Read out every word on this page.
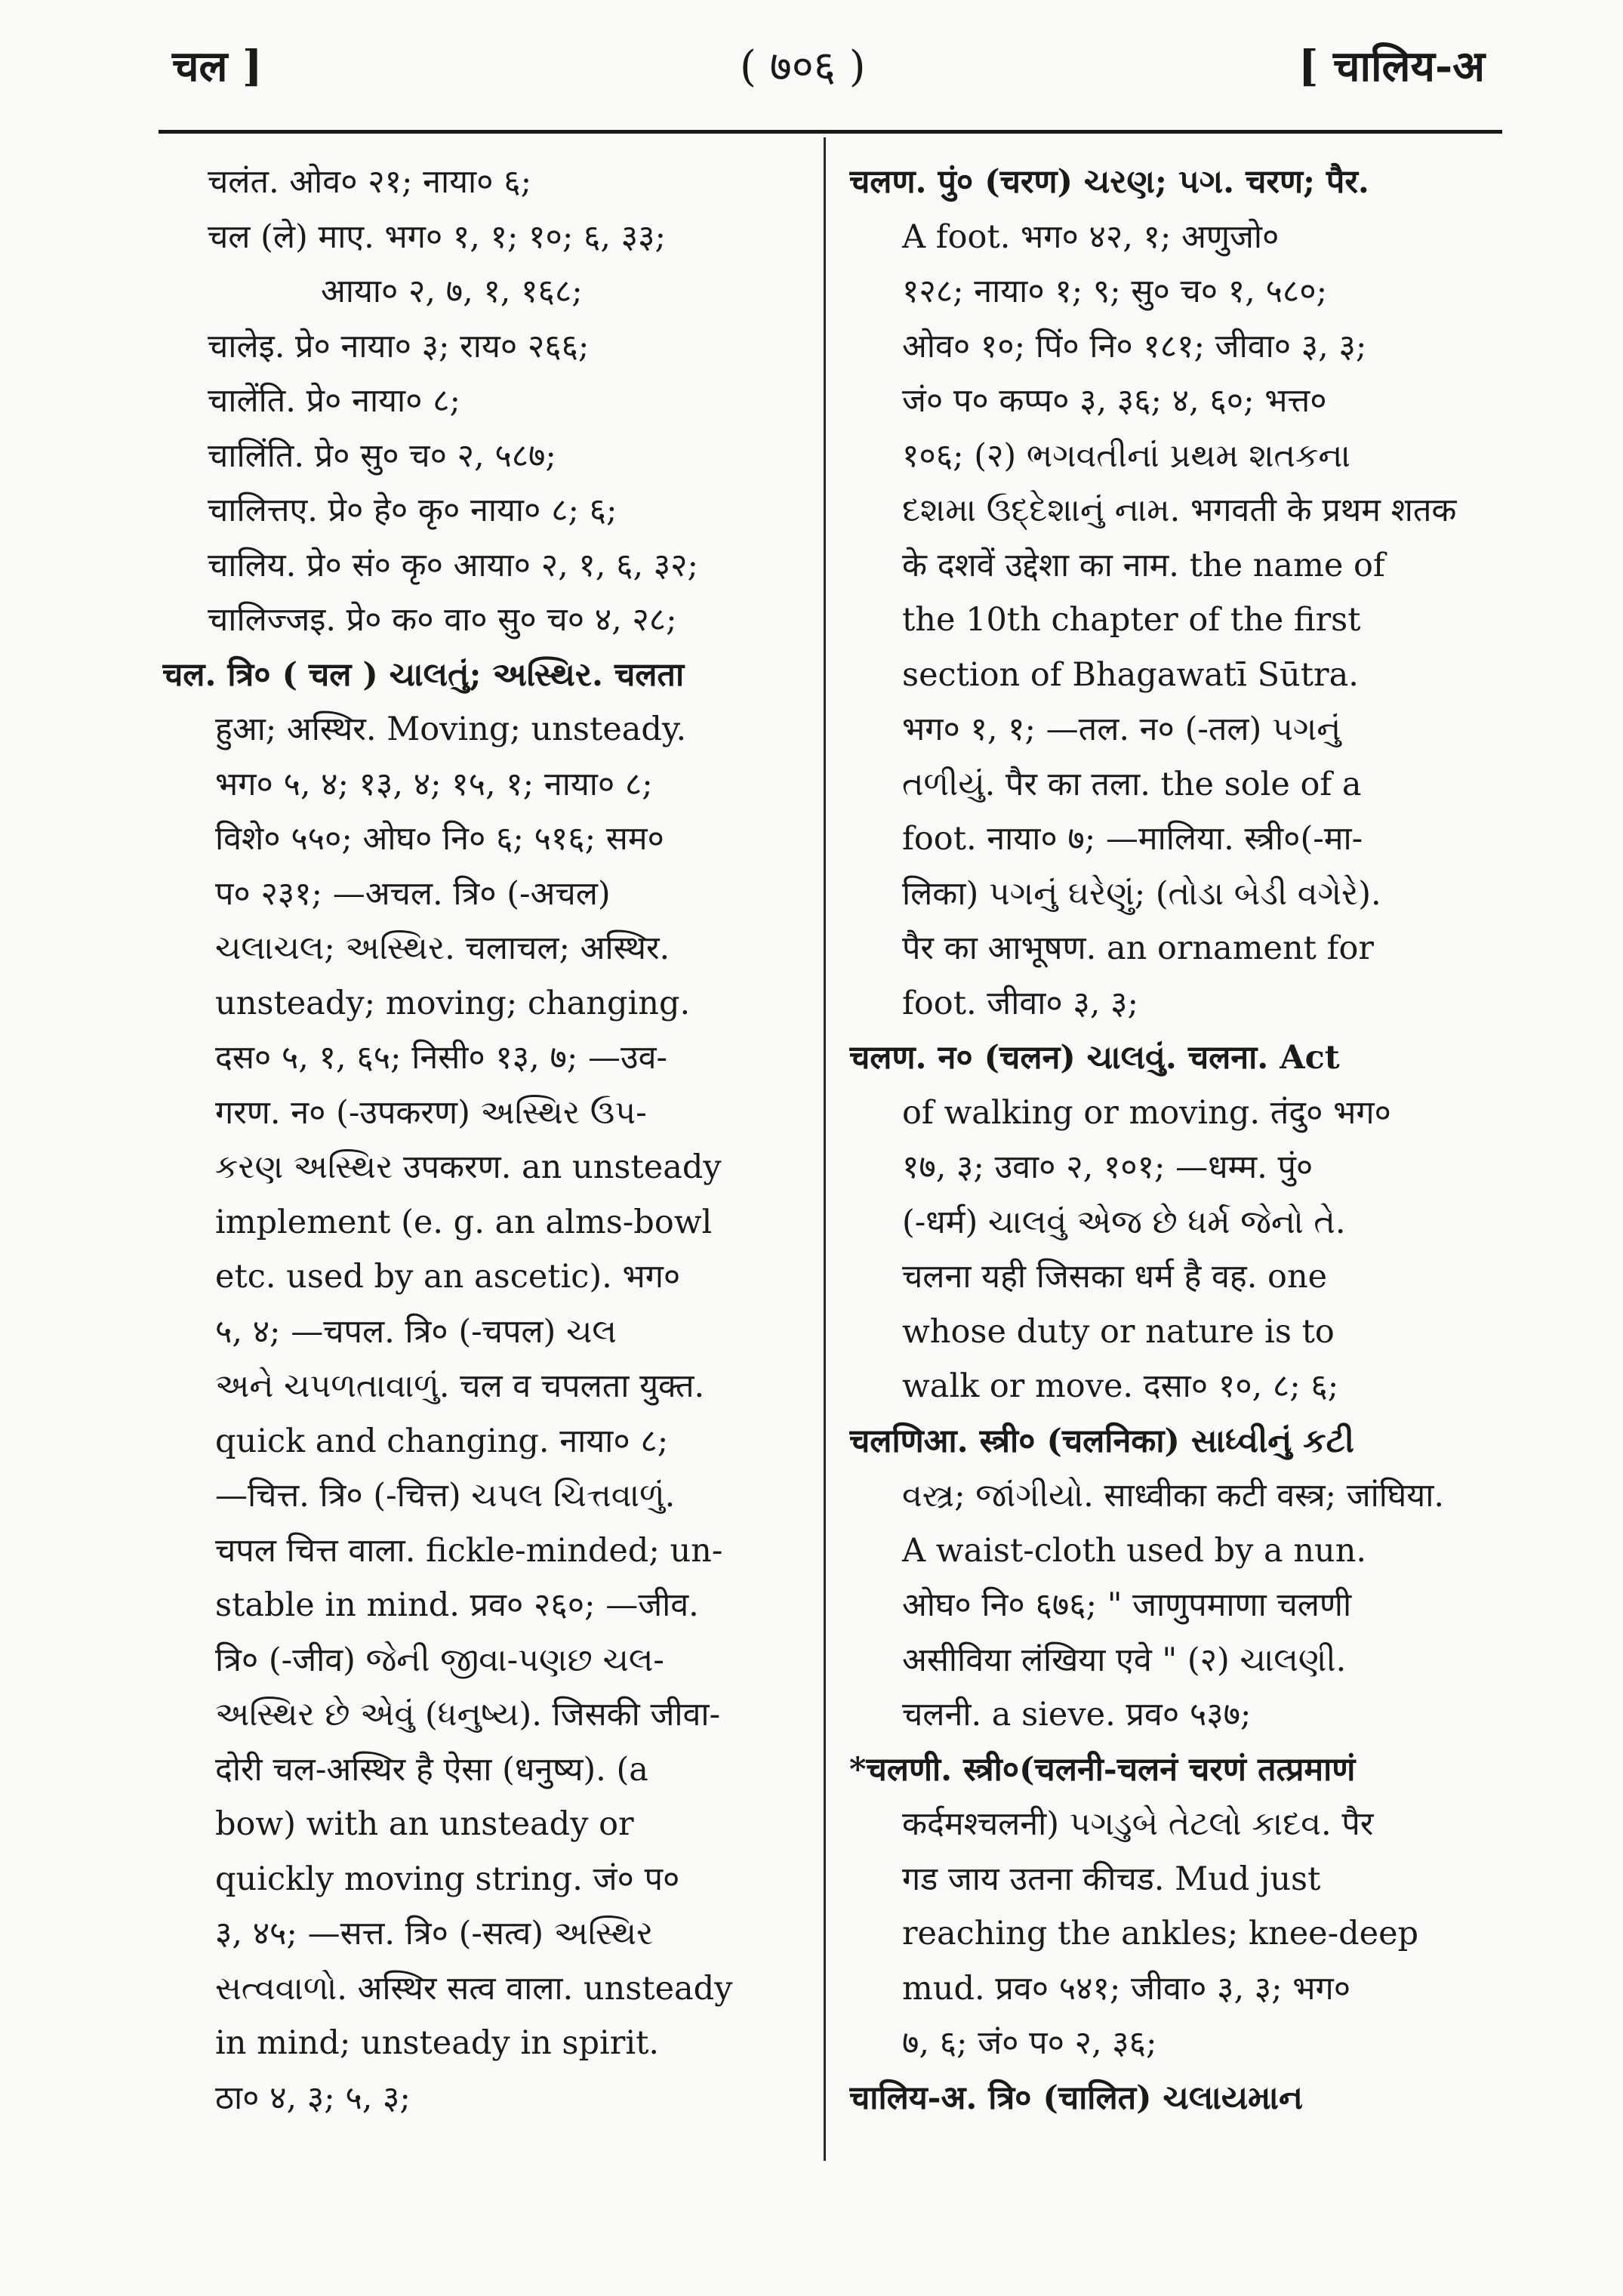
चल ]	( ७०६ )	[ चालिय-अ
चलंत. ओव० २१; नाया० ६;
चल (ले) माए. भग० १, १; १०; ६, ३३;
आया० २, ७, १, १६८;
चालेइ. प्रे० नाया० ३; राय० २६६;
चालेंति. प्रे० नाया० ८;
चालिंति. प्रे० सु० च० २, ५८७;
चालित्तए. प्रे० हे० कृ० नाया० ८; ६;
चालिय. प्रे० सं० कृ० आया० २, १, ६, ३२;
चालिज्जइ. प्रे० क० वा० सु० च० ४, २८;
चल. त्रि० ( चल ) ચાલતું; અસ્થિર. चलता
हुआ; अस्थिर. Moving; unsteady.
भग० ५, ४; १३, ४; १५, १; नाया० ८;
विशे० ५५०; ओघ० नि० ६; ५१६; सम०
प० २३१; —अचल. त्रि० (-अचल)
ચલાચલ; અસ્થિર. चलाचल; अस्थिर.
unsteady; moving; changing.
दस० ५, १, ६५; निसी० १३, ७; —उव-
गरण. न० (-उपकरण) અસ્થિર ઉપ-
કરણ અસ્થિર उपकरण. an unsteady
implement (e. g. an alms-bowl
etc. used by an ascetic). भग०
५, ४; —चपल. त्रि० (-चपल) ચલ
અને ચપળતાવાળું. चल व चपलता युक्त.
quick and changing. नाया० ८;
—चित्त. त्रि० (-चित्त) ચપલ ચિત્તવાળું.
चपल चित्त वाला. fickle-minded; un-
stable in mind. प्रव० २६०; —जीव.
त्रि० (-जीव) જેની જીવા-પણછ ચલ-
અસ્થિર છે એવું (ધનુષ્ય). जिसकी जीवा-
दोरी चल-अस्थिर है ऐसा (धनुष्य). (a
bow) with an unsteady or
quickly moving string. जं० प०
३, ४५; —सत्त. त्रि० (-सत्व) અસ્થિર
સત્વવાળો. अस्थिर सत्व वाला. unsteady
in mind; unsteady in spirit.
ठा० ४, ३; ५, ३;
चलण. पुं० (चरण) ચરણ; પગ. चरण; पैर.
A foot. भग० ४२, १; अणुजो०
१२८; नाया० १; ९; सु० च० १, ५८०;
ओव० १०; पिं० नि० १८१; जीवा० ३, ३;
जं० प० कप्प० ३, ३६; ४, ६०; भत्त०
१०६; (२) ભગવતીનાં પ્રથમ શતકના
દશમા ઉદ્દેશાનું નામ. भगवती के प्रथम शतक
के दशवें उद्देशा का नाम. the name of
the 10th chapter of the first
section of Bhagawatī Sūtra.
भग० १, १; —तल. न० (-तल) પગનું
તળીયું. पैर का तला. the sole of a
foot. नाया० ७; —मालिया. स्त्री०(-मा-
लिका) પગનું ઘરેણું; (તોડા બેડી વગેરે).
पैर का आभूषण. an ornament for
foot. जीवा० ३, ३;
चलण. न० (चलन) ચાલવું. चलना. Act
of walking or moving. तंदु० भग०
१७, ३; उवा० २, १०१; —धम्म. पुं०
(-धर्म) ચાલવું એજ છે ધર્મ જેનો તે.
चलना यही जिसका धर्म है वह. one
whose duty or nature is to
walk or move. दसा० १०, ८; ६;
चलणिआ. स्त्री० (चलनिका) સાધ્વીનું કટી
વસ્ત્ર; જાંગીયો. साध्वीका कटी वस्त्र; जांघिया.
A waist-cloth used by a nun.
ओघ० नि० ६७६; " जाणुपमाणा चलणी
असीविया लंखिया एवे " (२) ચાલણી.
चलनी. a sieve. प्रव० ५३७;
*चलणी. स्त्री०(चलनी-चलनं चरणं तत्प्रमाणं
कर्दमश्चलनी) પગડુબે તેટલો કાદવ. पैर
गड जाय उतना कीचड. Mud just
reaching the ankles; knee-deep
mud. प्रव० ५४१; जीवा० ३, ३; भग०
७, ६; जं० प० २, ३६;
चालिय-अ. त्रि० (चालित) ચલાયમાન
